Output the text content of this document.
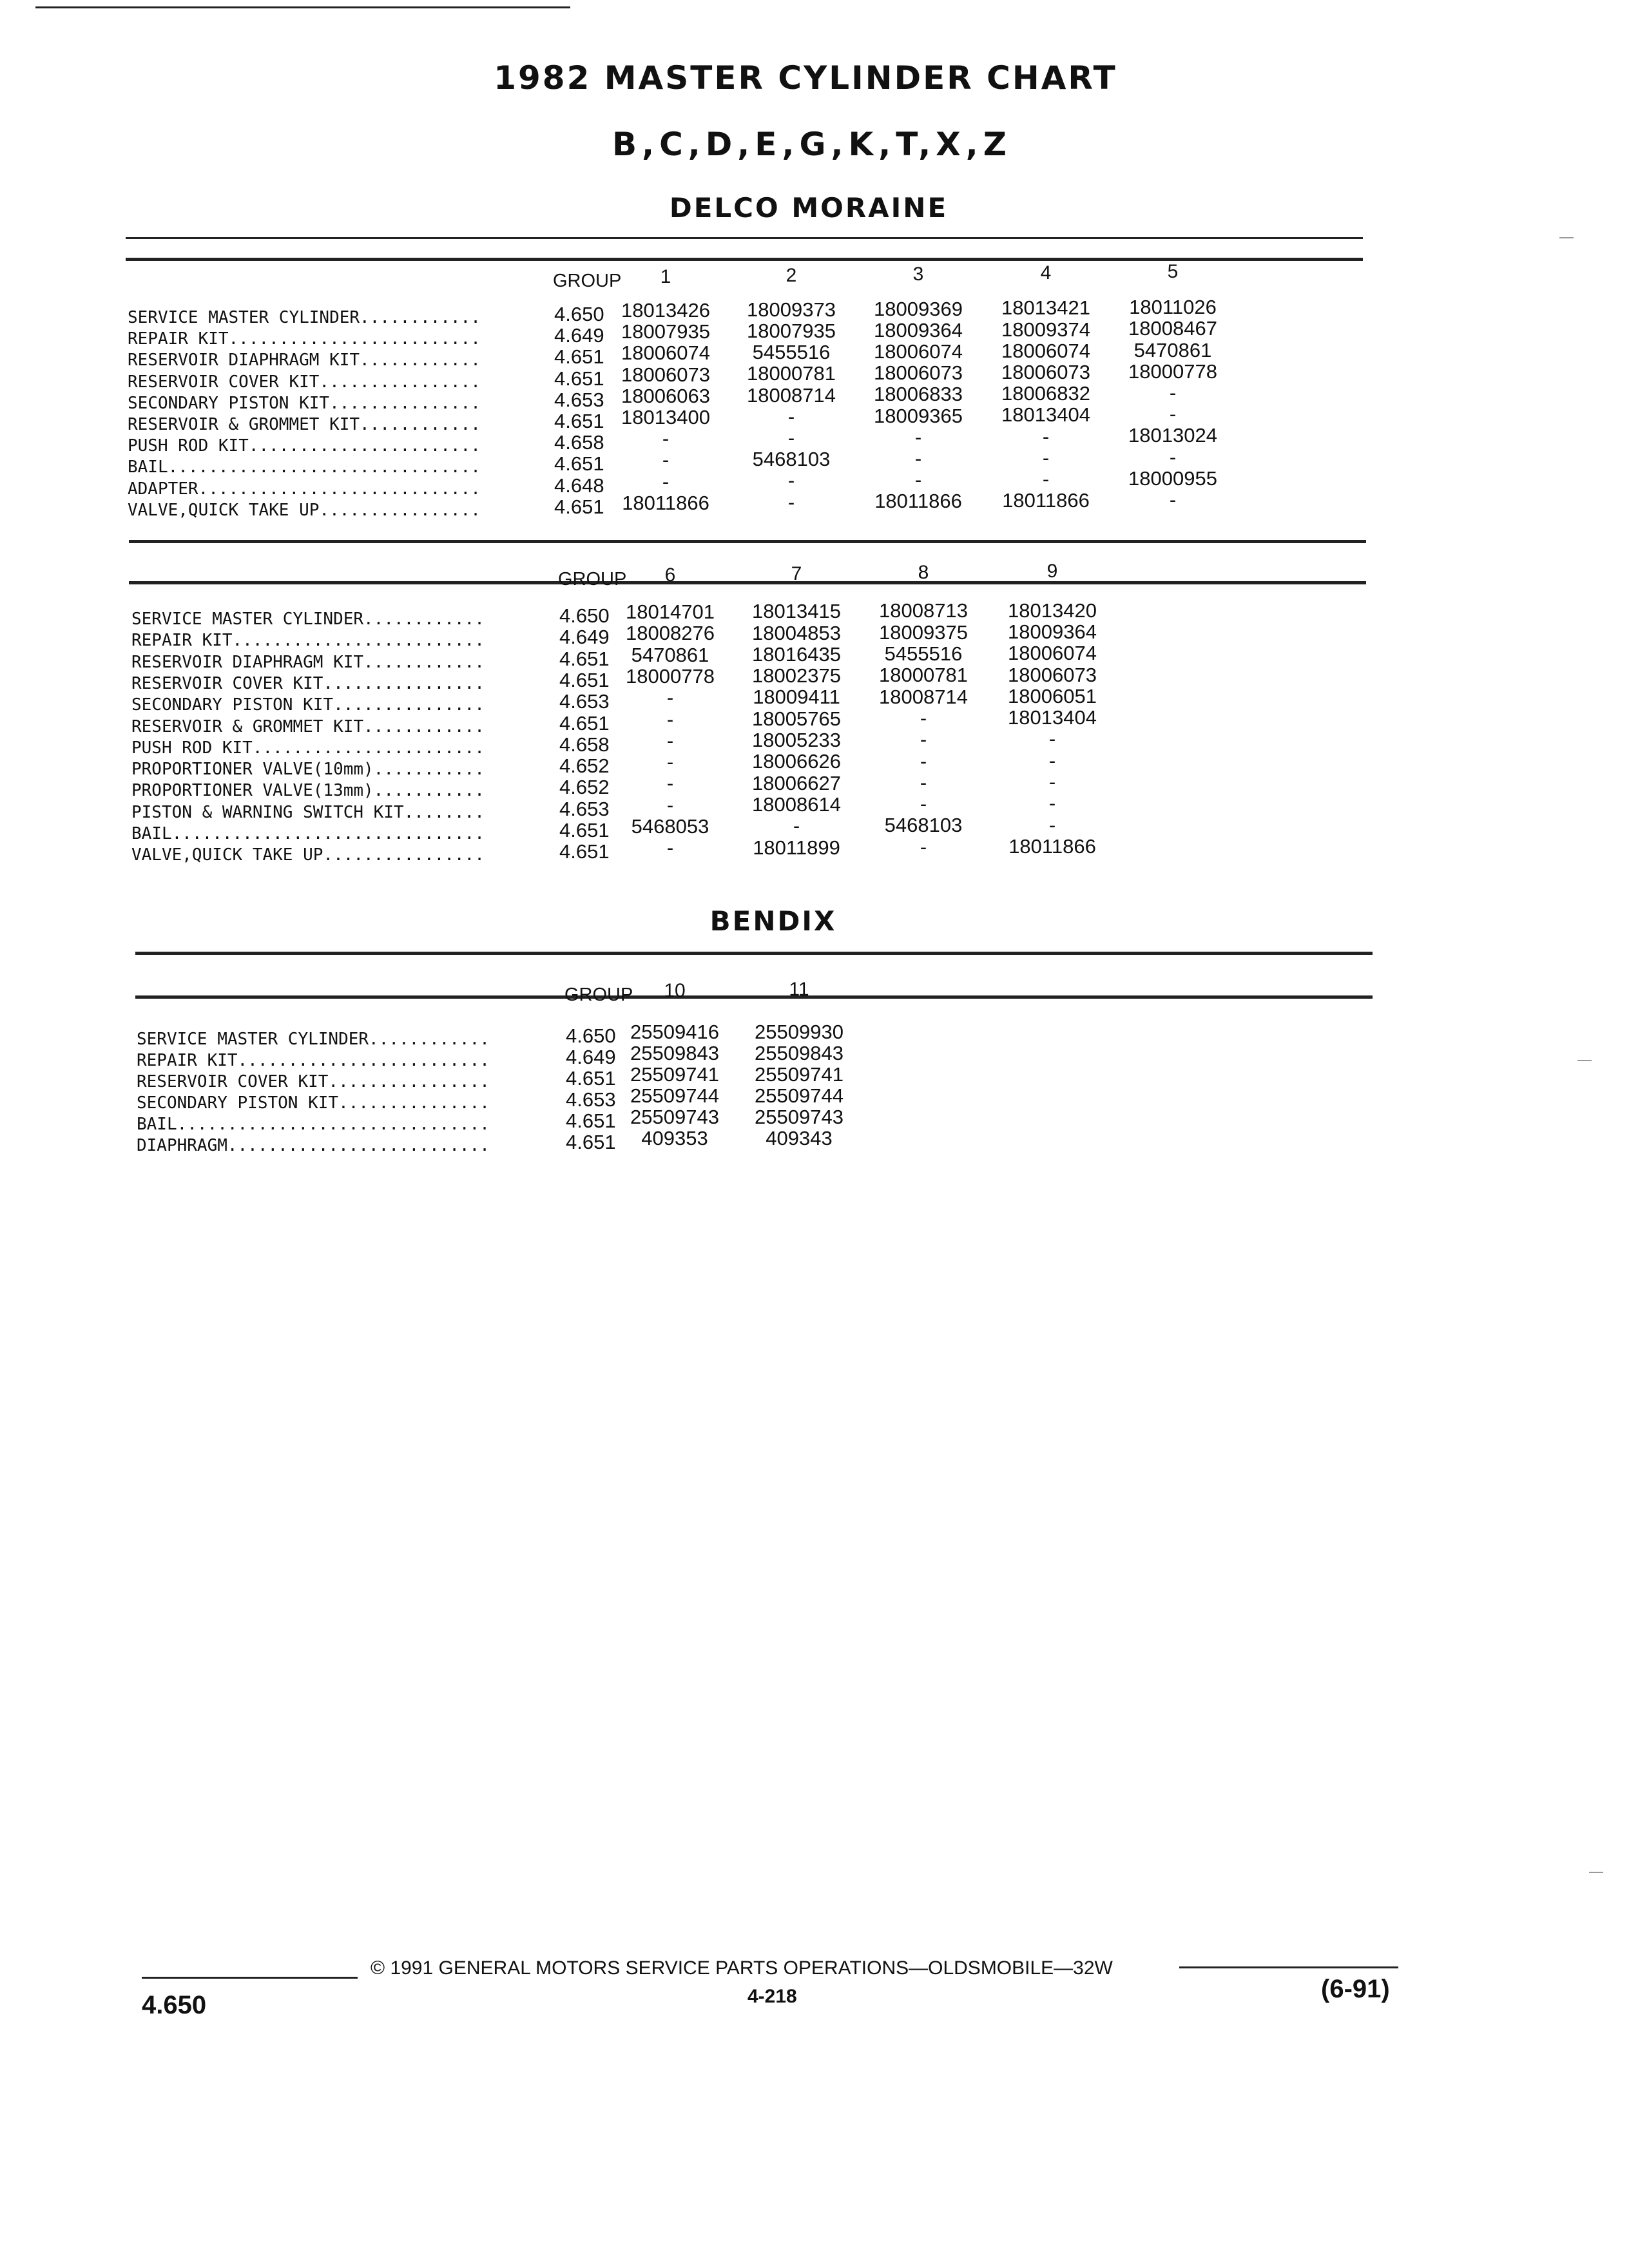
1982 MASTER CYLINDER CHART
B,C,D,E,G,K,T,X,Z
DELCO MORAINE
GROUP	1	2	3	4	5
SERVICE MASTER CYLINDER............	4.650 18013426	18009373	18009369	18013421	18011026
REPAIR KIT.........................	4.649 18007935	18007935	18009364	18009374	18008467
RESERVOIR DIAPHRAGM KIT............	4.651 18006074	5455516	18006074	18006074	5470861
RESERVOIR COVER KIT................	4.651 18006073	18000781	18006073	18006073	18000778
SECONDARY PISTON KIT...............	4.653 18006063	18008714	18006833	18006832	-
RESERVOIR & GROMMET KIT............	4.651 18013400	-	18009365	18013404	-
PUSH ROD KIT.......................	4.658	-	-	-	-	18013024
BAIL...............................	4.651	-	5468103	-	-	-
ADAPTER............................	4.648	-	-	-	-	18000955
VALVE,QUICK TAKE UP................	4.651 18011866	-	18011866	18011866	-
GROUP	6	7	8	9
SERVICE MASTER CYLINDER............	4.650 18014701	18013415	18008713	18013420
REPAIR KIT.........................	4.649 18008276	18004853	18009375	18009364
RESERVOIR DIAPHRAGM KIT............	4.651	5470861	18016435	5455516	18006074
RESERVOIR COVER KIT................	4.651 18000778	18002375	18000781	18006073
SECONDARY PISTON KIT...............	4.653	-	18009411	18008714	18006051
RESERVOIR & GROMMET KIT............	4.651	-	18005765	-	18013404
PUSH ROD KIT.......................	4.658	-	18005233	-	-
PROPORTIONER VALVE(10mm)...........	4.652	-	18006626	-	-
PROPORTIONER VALVE(13mm)...........	4.652	-	18006627	-	-
PISTON & WARNING SWITCH KIT........	4.653	-	18008614	-	-
BAIL...............................	4.651	5468053	-	5468103	-
VALVE,QUICK TAKE UP................	4.651	-	18011899	-	18011866
BENDIX
GROUP	10	11
SERVICE MASTER CYLINDER............	4.650 25509416	25509930
REPAIR KIT.........................	4.649 25509843	25509843
RESERVOIR COVER KIT................	4.651 25509741	25509741
SECONDARY PISTON KIT...............	4.653 25509744	25509744
BAIL...............................	4.651 25509743	25509743
DIAPHRAGM..........................	4.651	409353	409343
© 1991 GENERAL MOTORS SERVICE PARTS OPERATIONS—OLDSMOBILE—32W
4-218
4.650
(6-91)
